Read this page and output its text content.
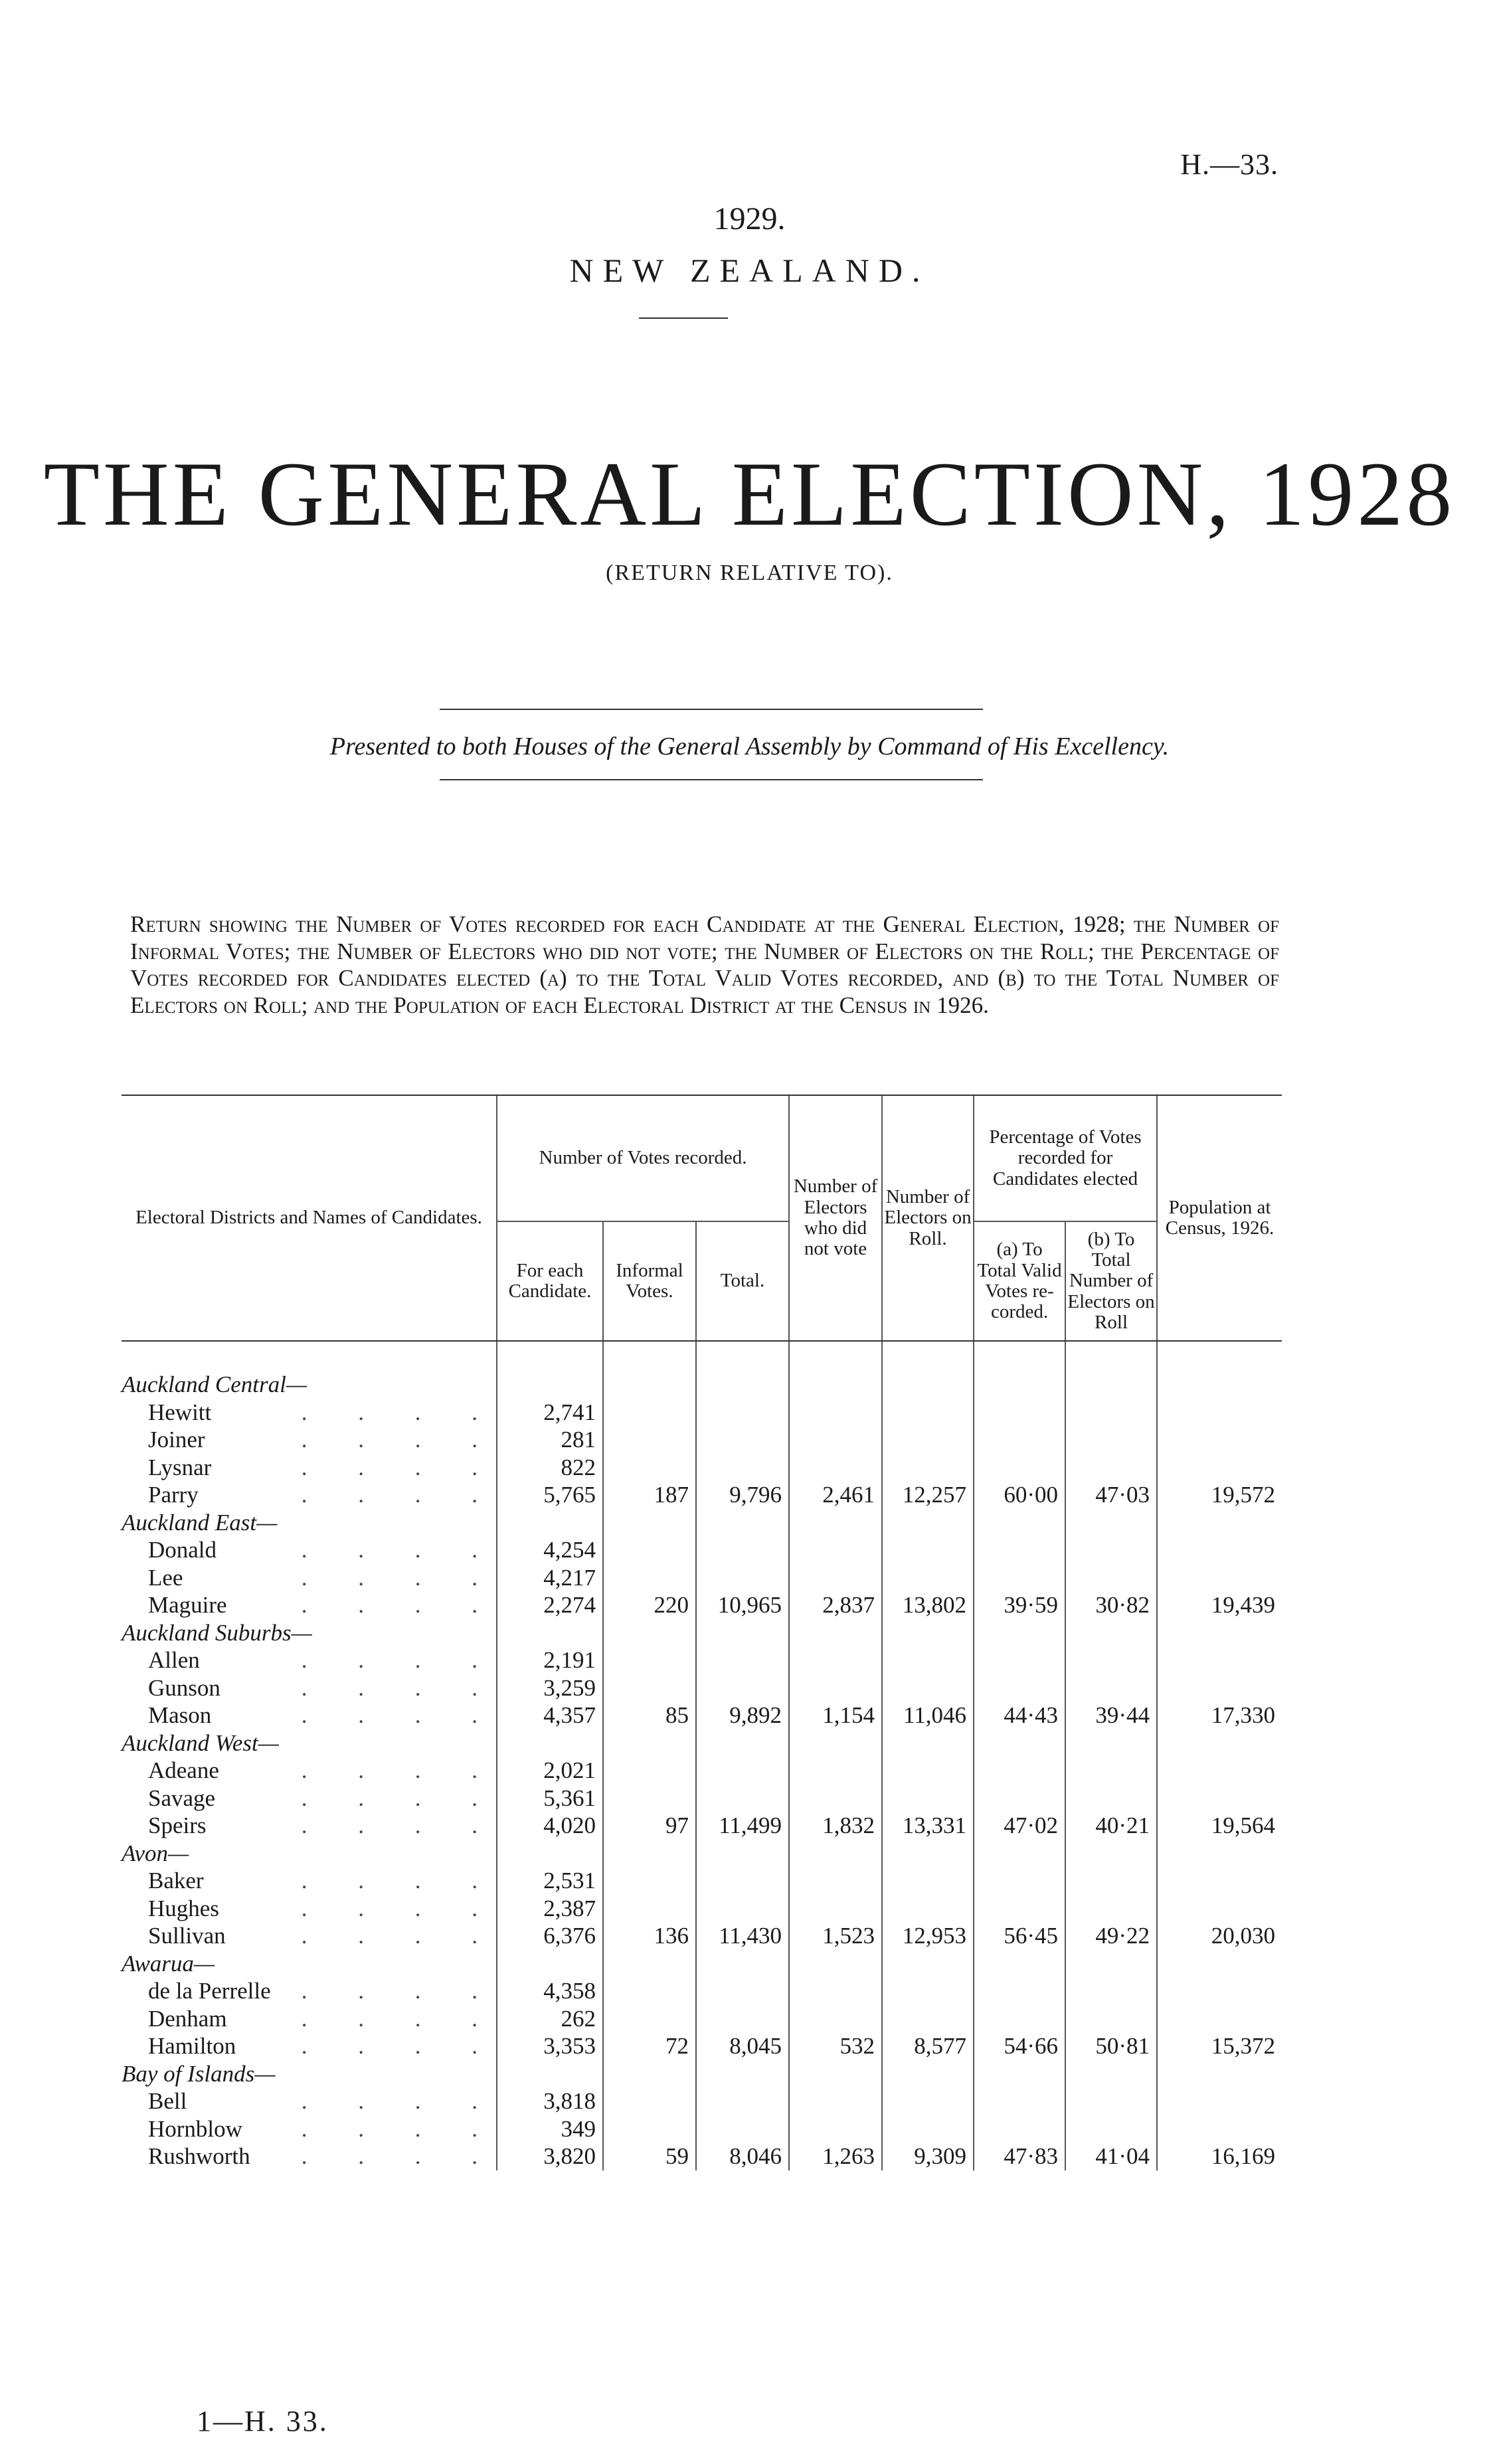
H.—33.
1929.
NEW ZEALAND.
THE GENERAL ELECTION, 1928
(RETURN RELATIVE TO).
Presented to both Houses of the General Assembly by Command of His Excellency.
Return showing the Number of Votes recorded for each Candidate at the General Election, 1928; the Number of Informal Votes; the Number of Electors who did not vote; the Number of Electors on the Roll; the Percentage of Votes recorded for Candidates elected (a) to the Total Valid Votes recorded, and (b) to the Total Number of Electors on Roll; and the Population of each Electoral District at the Census in 1926.
Electoral Districts and Names of Candidates.	Number of Votes recorded.			Number of Electors who did not vote	Number of Electors on Roll.	Percentage of Votes recorded for Candidates elected		Population at Census, 1926.
	For each Candidate.	Informal Votes.	Total.			(a) To Total Valid Votes re-corded.	(b) To Total Number of Electors on Roll	

Auckland Central—								
Hewitt . . . .	2,741							
Joiner . . . .	281							
Lysnar . . . .	822							
Parry . . . .	5,765	187	9,796	2,461	12,257	60·00	47·03	19,572
Auckland East—								
Donald . . . .	4,254							
Lee . . . .	4,217							
Maguire . . . .	2,274	220	10,965	2,837	13,802	39·59	30·82	19,439
Auckland Suburbs—								
Allen . . . .	2,191							
Gunson . . . .	3,259							
Mason . . . .	4,357	85	9,892	1,154	11,046	44·43	39·44	17,330
Auckland West—								
Adeane . . . .	2,021							
Savage . . . .	5,361							
Speirs . . . .	4,020	97	11,499	1,832	13,331	47·02	40·21	19,564
Avon—								
Baker . . . .	2,531							
Hughes . . . .	2,387							
Sullivan . . . .	6,376	136	11,430	1,523	12,953	56·45	49·22	20,030
Awarua—								
de la Perrelle . . . .	4,358							
Denham . . . .	262							
Hamilton . . . .	3,353	72	8,045	532	8,577	54·66	50·81	15,372
Bay of Islands—								
Bell . . . .	3,818							
Hornblow . . . .	349							
Rushworth . . . .	3,820	59	8,046	1,263	9,309	47·83	41·04	16,169
1—H. 33.
